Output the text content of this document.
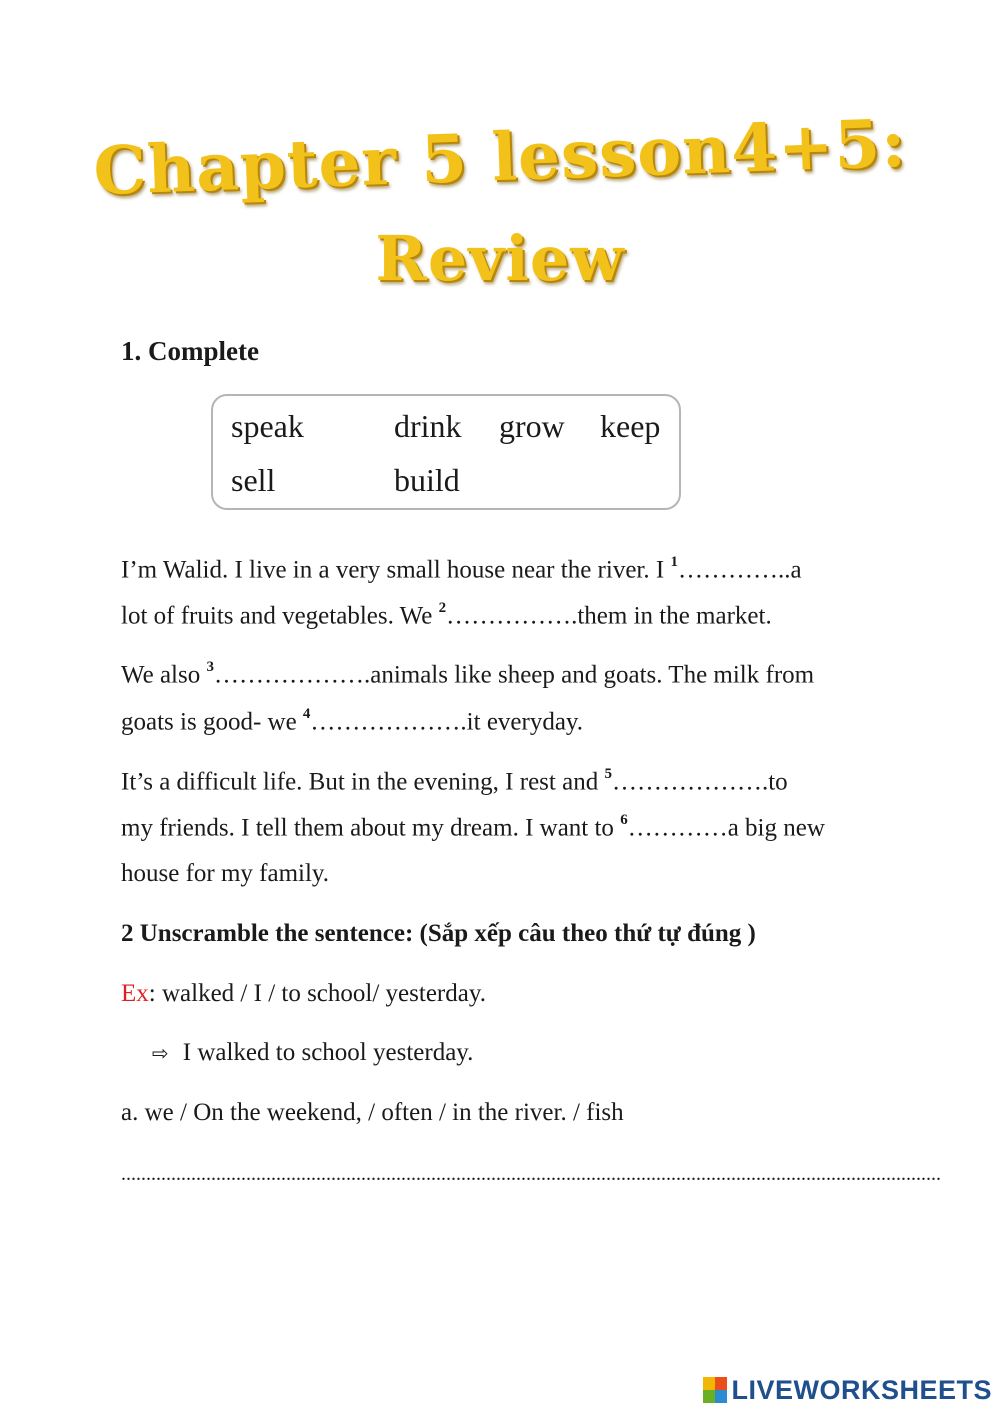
Chapter 5 lesson4+5:
Review
1. Complete
speak	drink grow keep
sell	build
I’m Walid. I live in a very small house near the river. I $^1$…………..a
lot of fruits and vegetables. We $^2$…………….them in the market.
We also $^3$……………….animals like sheep and goats. The milk from
goats is good- we $^4$……………….it everyday.
It’s a difficult life. But in the evening, I rest and $^5$……………….to
my friends. I tell them about my dream. I want to $^6$…………a big new
house for my family.
2 Unscramble the sentence: (Sắp xếp câu theo thứ tự đúng )
Ex: walked / I / to school/ yesterday.
⇨ I walked to school yesterday.
a. we / On the weekend, / often / in the river. / fish
....................................................................................................................................................................
LIVEWORKSHEETS
